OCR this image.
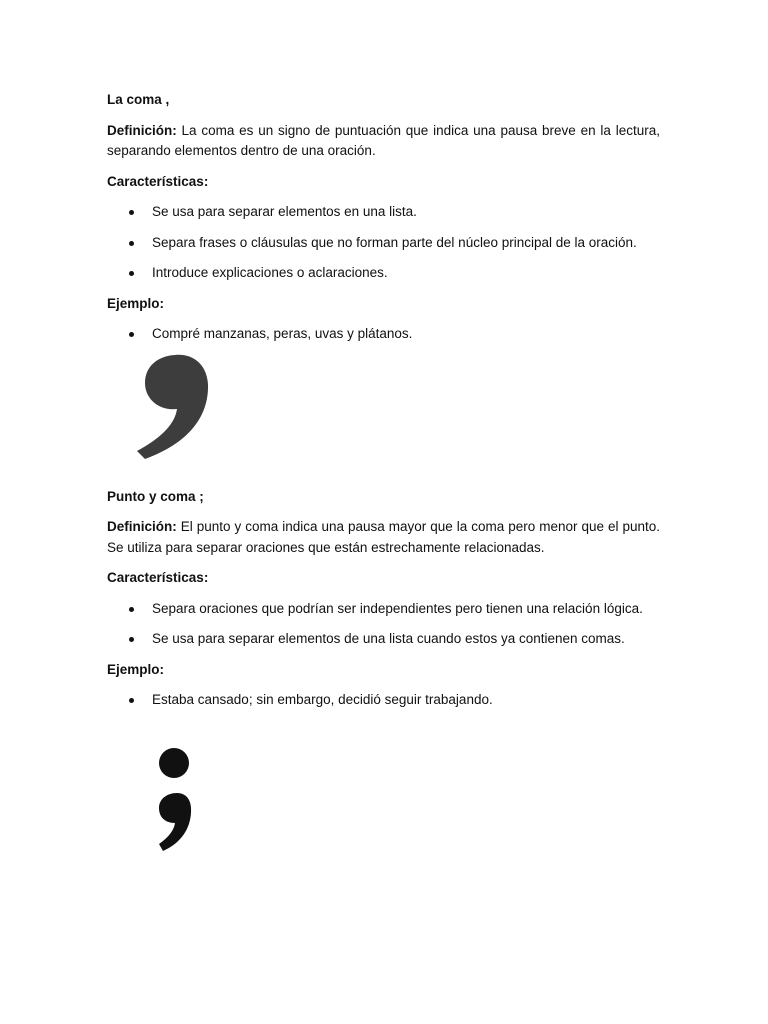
La coma ,

Definición: La coma es un signo de puntuación que indica una pausa breve en la lectura, separando elementos dentro de una oración.

Características:

Se usa para separar elementos en una lista.
Separa frases o cláusulas que no forman parte del núcleo principal de la oración.
Introduce explicaciones o aclaraciones.

Ejemplo:

Compré manzanas, peras, uvas y plátanos.

Punto y coma ;

Definición: El punto y coma indica una pausa mayor que la coma pero menor que el punto. Se utiliza para separar oraciones que están estrechamente relacionadas.

Características:

Separa oraciones que podrían ser independientes pero tienen una relación lógica.
Se usa para separar elementos de una lista cuando estos ya contienen comas.

Ejemplo:

Estaba cansado; sin embargo, decidió seguir trabajando.
